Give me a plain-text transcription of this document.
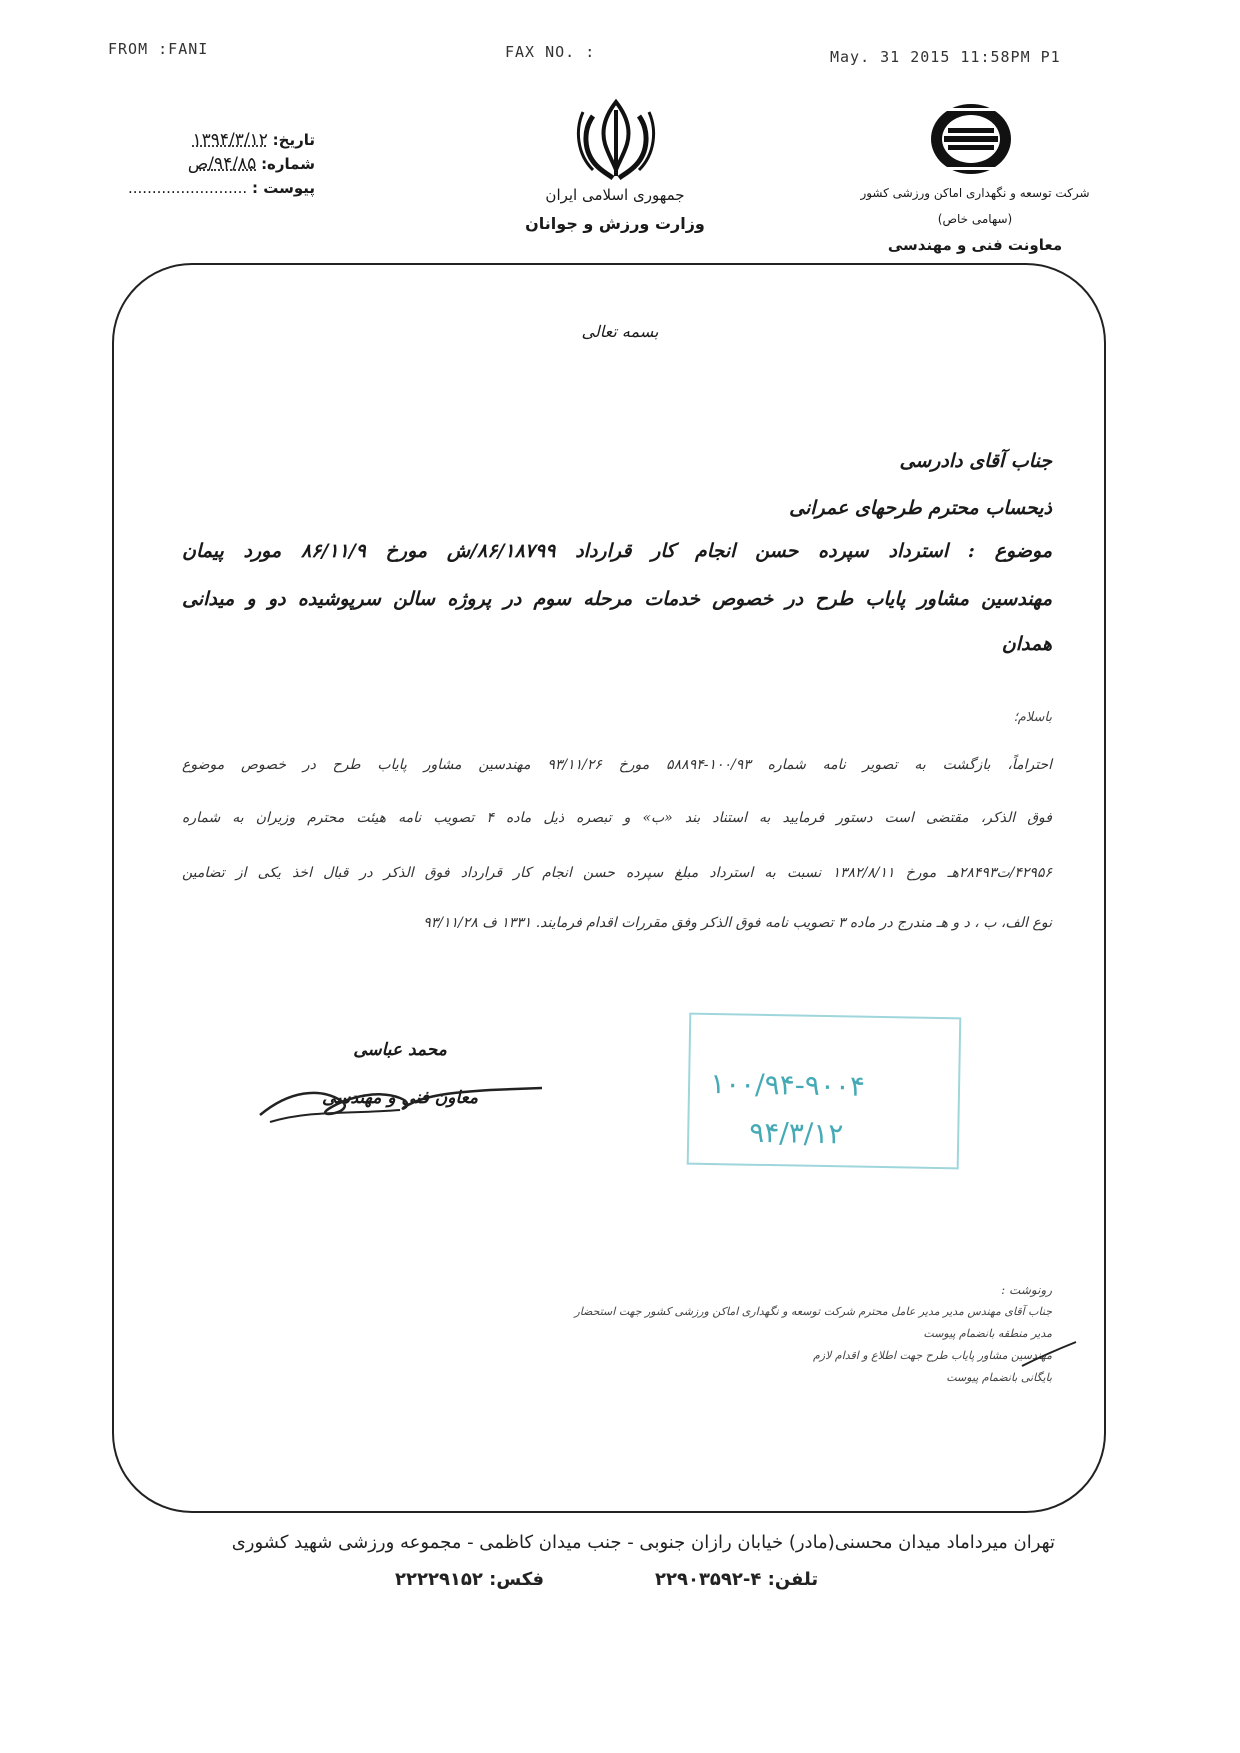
FROM :FANI	FAX NO. :	May. 31 2015 11:58PM P1
تاریخ: ۱۳۹۴/۳/۱۲
شماره: ۹۴/۸۵/ص
پیوست : .........................	جمهوری اسلامی ایران
وزارت ورزش و جوانان
شرکت توسعه و نگهداری اماکن ورزشی کشور
(سهامی خاص)
معاونت فنی و مهندسی
بسمه تعالی
جناب آقای دادرسی
ذیحساب محترم طرحهای عمرانی
موضوع : استرداد سپرده حسن انجام کار قرارداد ۸۶/۱۸۷۹۹/ش مورخ ۸۶/۱۱/۹ مورد پیمان
مهندسین مشاور پایاب طرح در خصوص خدمات مرحله سوم در پروژه سالن سرپوشیده دو و میدانی
همدان
باسلام؛
احتراماً، بازگشت به تصویر نامه شماره ۱۰۰/۹۳-۵۸۸۹۴ مورخ ۹۳/۱۱/۲۶ مهندسین مشاور پایاب طرح در خصوص موضوع
فوق الذکر، مقتضی است دستور فرمایید به استناد بند «ب» و تبصره ذیل ماده ۴ تصویب نامه هیئت محترم وزیران به شماره
۴۲۹۵۶/ت۲۸۴۹۳هـ مورخ ۱۳۸۲/۸/۱۱ نسبت به استرداد مبلغ سپرده حسن انجام کار قرارداد فوق الذکر در قبال اخذ یکی از تضامین
نوع الف، ب ، د و هـ مندرج در ماده ۳ تصویب نامه فوق الذکر وفق مقررات اقدام فرمایند. ۱۳۳۱ ف ۹۳/۱۱/۲۸
محمد عباسی
معاون فنی و مهندسی	۱۰۰/۹۴-۹۰۰۴
۹۴/۳/۱۲
رونوشت :
جناب آقای مهندس مدیر مدیر عامل محترم شرکت توسعه و نگهداری اماکن ورزشی کشور جهت استحضار
مدیر منطقه بانضمام پیوست
مهندسین مشاور پایاب طرح جهت اطلاع و اقدام لازم
بایگانی بانضمام پیوست
تهران میرداماد میدان محسنی(مادر) خیابان رازان جنوبی - جنب میدان کاظمی - مجموعه ورزشی شهید کشوری
تلفن: ۴-۲۲۹۰۳۵۹۲
فکس: ۲۲۲۲۹۱۵۲
